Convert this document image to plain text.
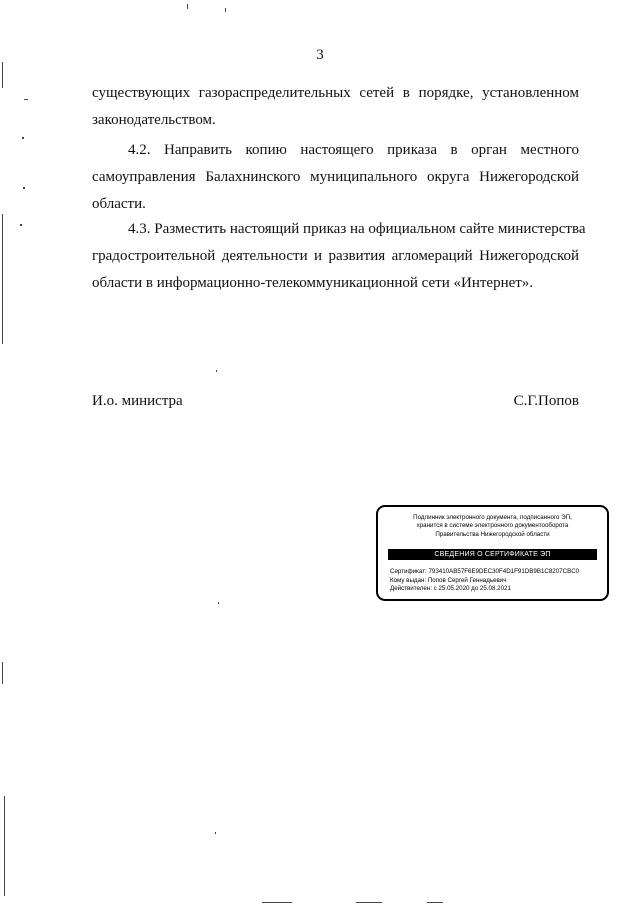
3
существующих газораспределительных сетей в порядке, установленном
законодательством.
4.2. Направить копию настоящего приказа в орган местного
самоуправления Балахнинского муниципального округа Нижегородской
области.
4.3. Разместить настоящий приказ на официальном сайте министерства
градостроительной деятельности и развития агломераций Нижегородской
области в информационно-телекоммуникационной сети «Интернет».
И.о. министра	С.Г.Попов
Подлинник электронного документа, подписанного ЭП,
хранится в системе электронного документооборота
Правительства Нижегородской области
СВЕДЕНИЯ О СЕРТИФИКАТЕ ЭП
Сертификат: 793410AB57F6E9DEC30F4D1F91DB9B1C8207CBC0
Кому выдан: Попов Сергей Геннадьевич
Действителен: с 25.05.2020 до 25.08.2021
